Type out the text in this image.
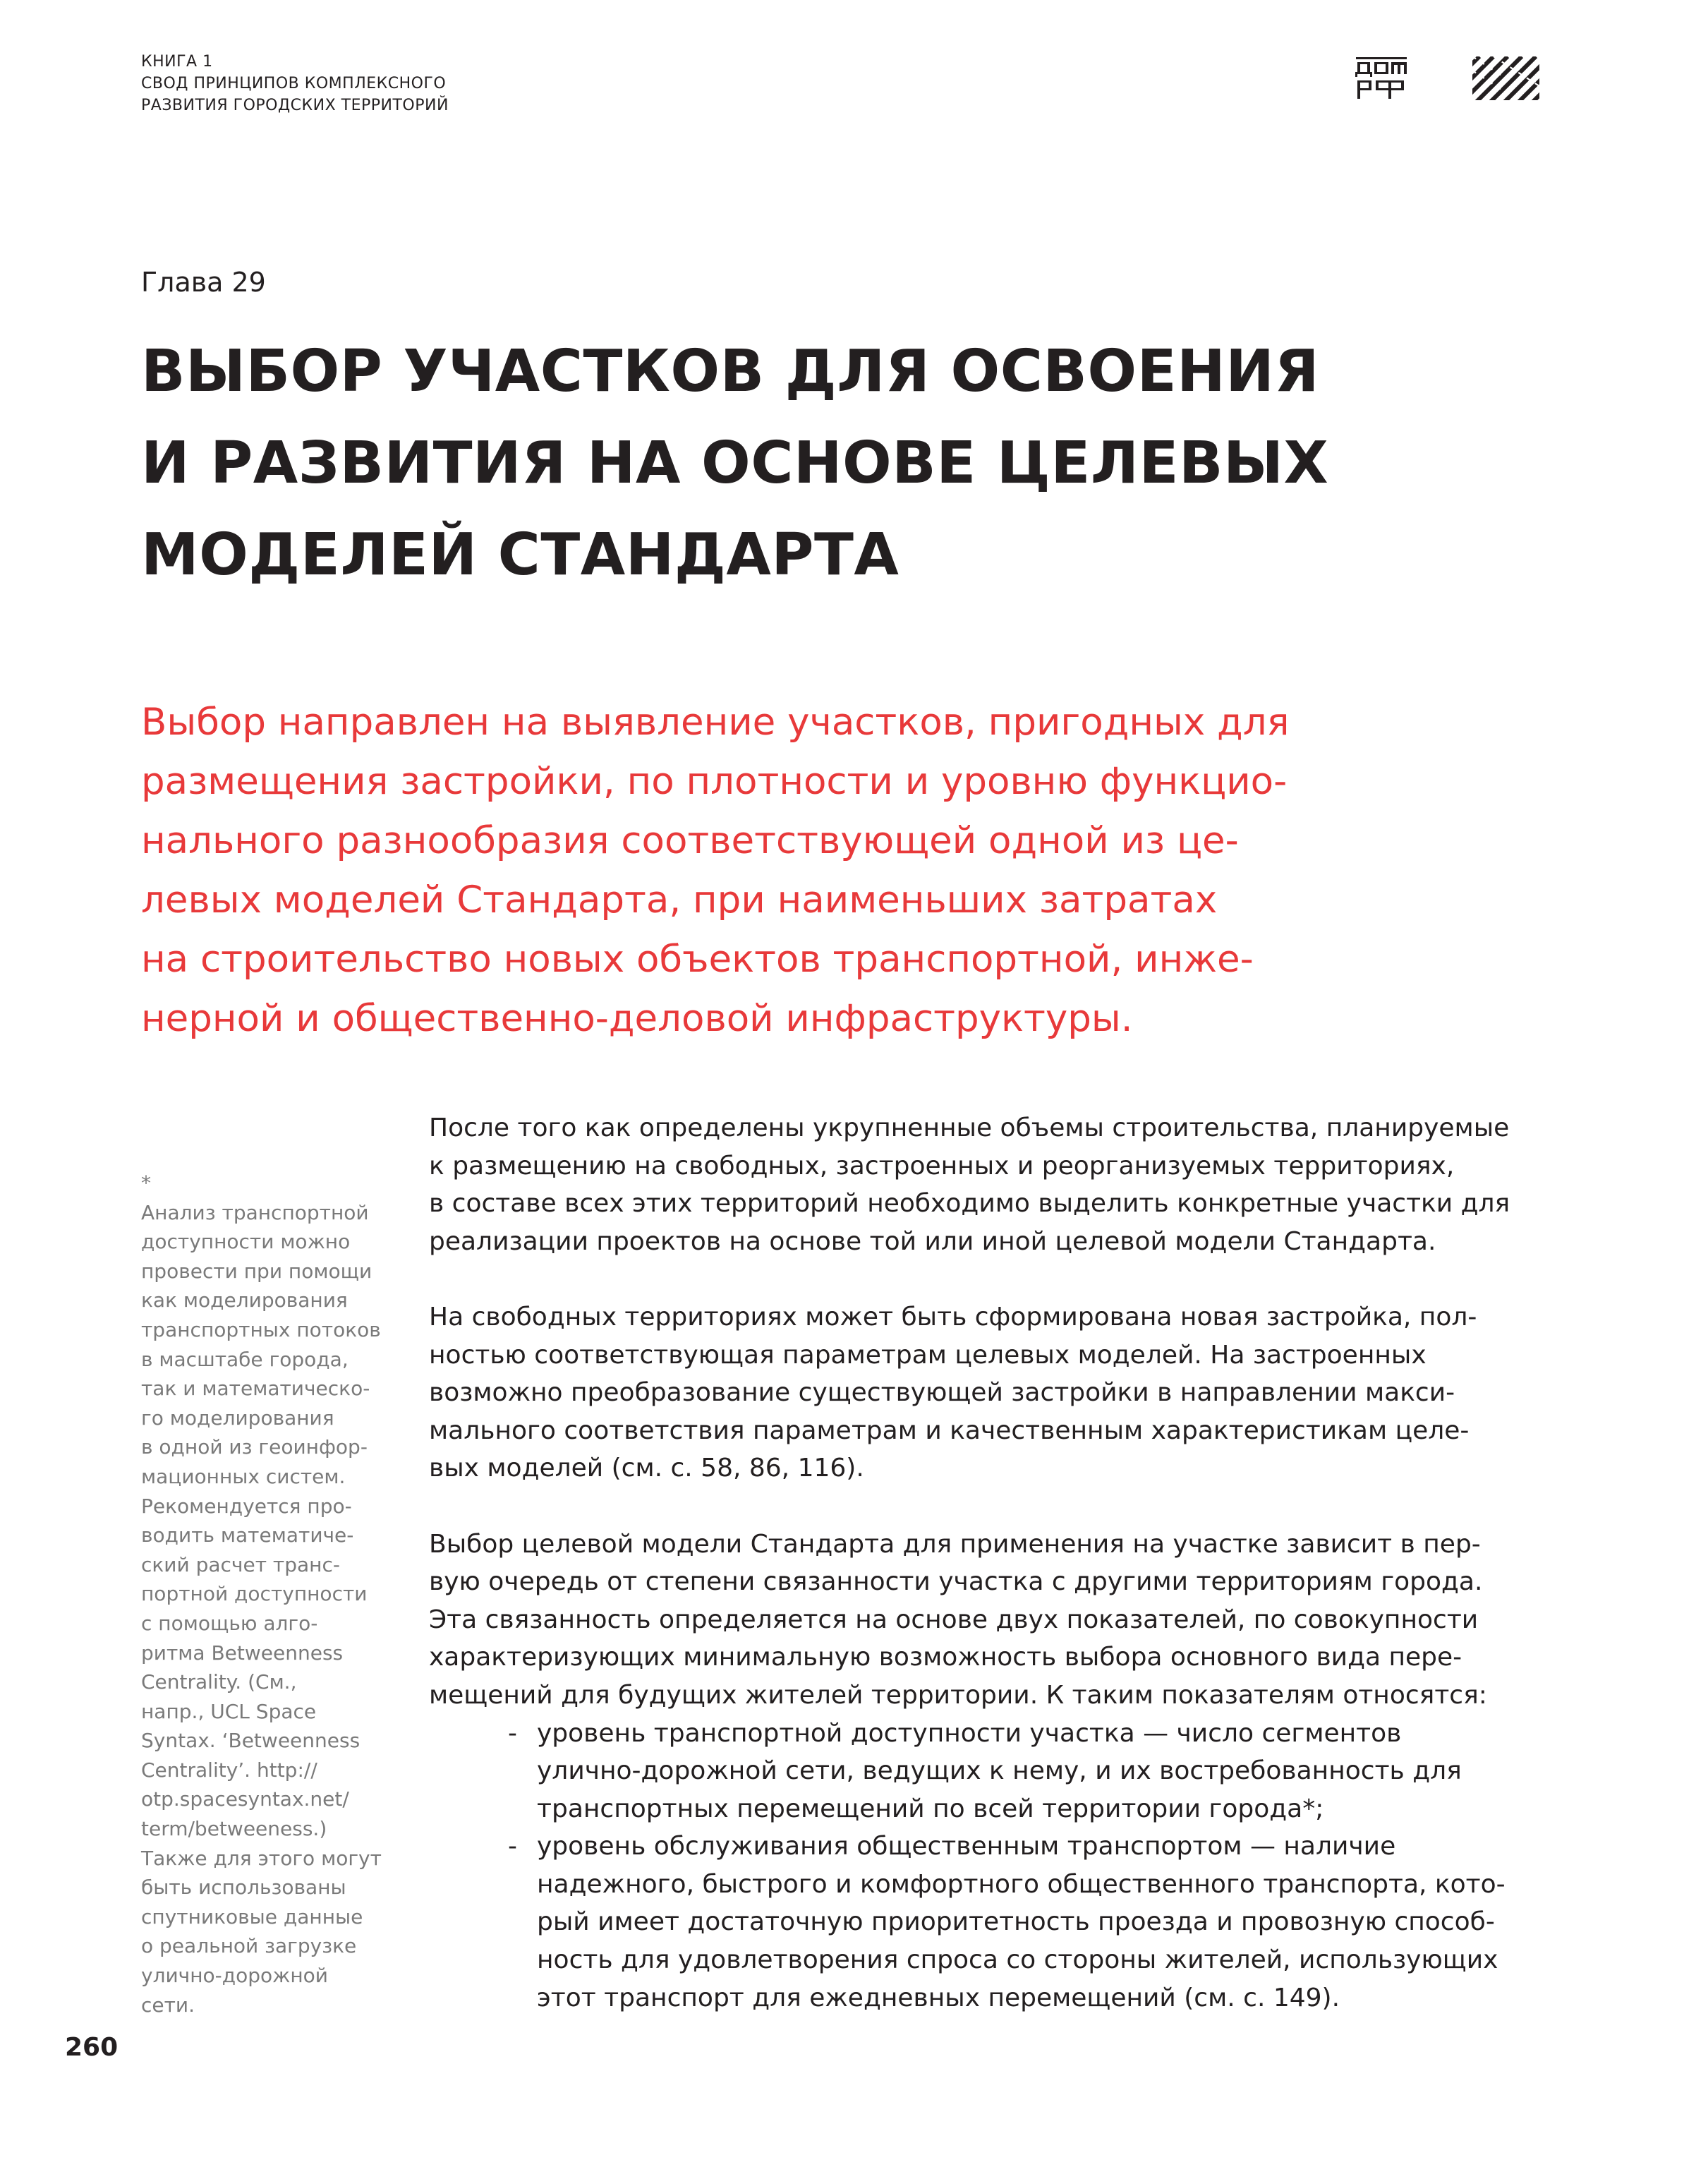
КНИГА 1
СВОД ПРИНЦИПОВ КОМПЛЕКСНОГО
РАЗВИТИЯ ГОРОДСКИХ ТЕРРИТОРИЙ
Глава 29
ВЫБОР УЧАСТКОВ ДЛЯ ОСВОЕНИЯ
И РАЗВИТИЯ НА ОСНОВЕ ЦЕЛЕВЫХ
МОДЕЛЕЙ СТАНДАРТА
Выбор направлен на выявление участков, пригодных для
размещения застройки, по плотности и уровню функцио-
нального разнообразия соответствующей одной из це-
левых моделей Стандарта, при наименьших затратах
на строительство новых объектов транспортной, инже-
нерной и общественно-деловой инфраструктуры.
*
Анализ транспортной
доступности можно
провести при помощи
как моделирования
транспортных потоков
в масштабе города,
так и математическо-
го моделирования
в одной из геоинфор-
мационных систем.
Рекомендуется про-
водить математиче-
ский расчет транс-
портной доступности
с помощью алго-
ритма Betweenness
Centrality. (См.,
напр., UCL Space
Syntax. ‘Betweenness
Centrality’. http://
otp.spacesyntax.net/
term/betweeness.)
Также для этого могут
быть использованы
спутниковые данные
о реальной загрузке
улично-дорожной
сети.
После того как определены укрупненные объемы строительства, планируемые
к размещению на свободных, застроенных и реорганизуемых территориях,
в составе всех этих территорий необходимо выделить конкретные участки для
реализации проектов на основе той или иной целевой модели Стандарта.
На свободных территориях может быть сформирована новая застройка, пол-
ностью соответствующая параметрам целевых моделей. На застроенных
возможно преобразование существующей застройки в направлении макси-
мального соответствия параметрам и качественным характеристикам целе-
вых моделей (см. с. 58, 86, 116).
Выбор целевой модели Стандарта для применения на участке зависит в пер-
вую очередь от степени связанности участка с другими территориям города.
Эта связанность определяется на основе двух показателей, по совокупности
характеризующих минимальную возможность выбора основного вида пере-
мещений для будущих жителей территории. К таким показателям относятся:
- уровень транспортной доступности участка — число сегментов
улично-дорожной сети, ведущих к нему, и их востребованность для
транспортных перемещений по всей территории города*;
- уровень обслуживания общественным транспортом — наличие
надежного, быстрого и комфортного общественного транспорта, кото-
рый имеет достаточную приоритетность проезда и провозную способ-
ность для удовлетворения спроса со стороны жителей, использующих
этот транспорт для ежедневных перемещений (см. с. 149).
260
